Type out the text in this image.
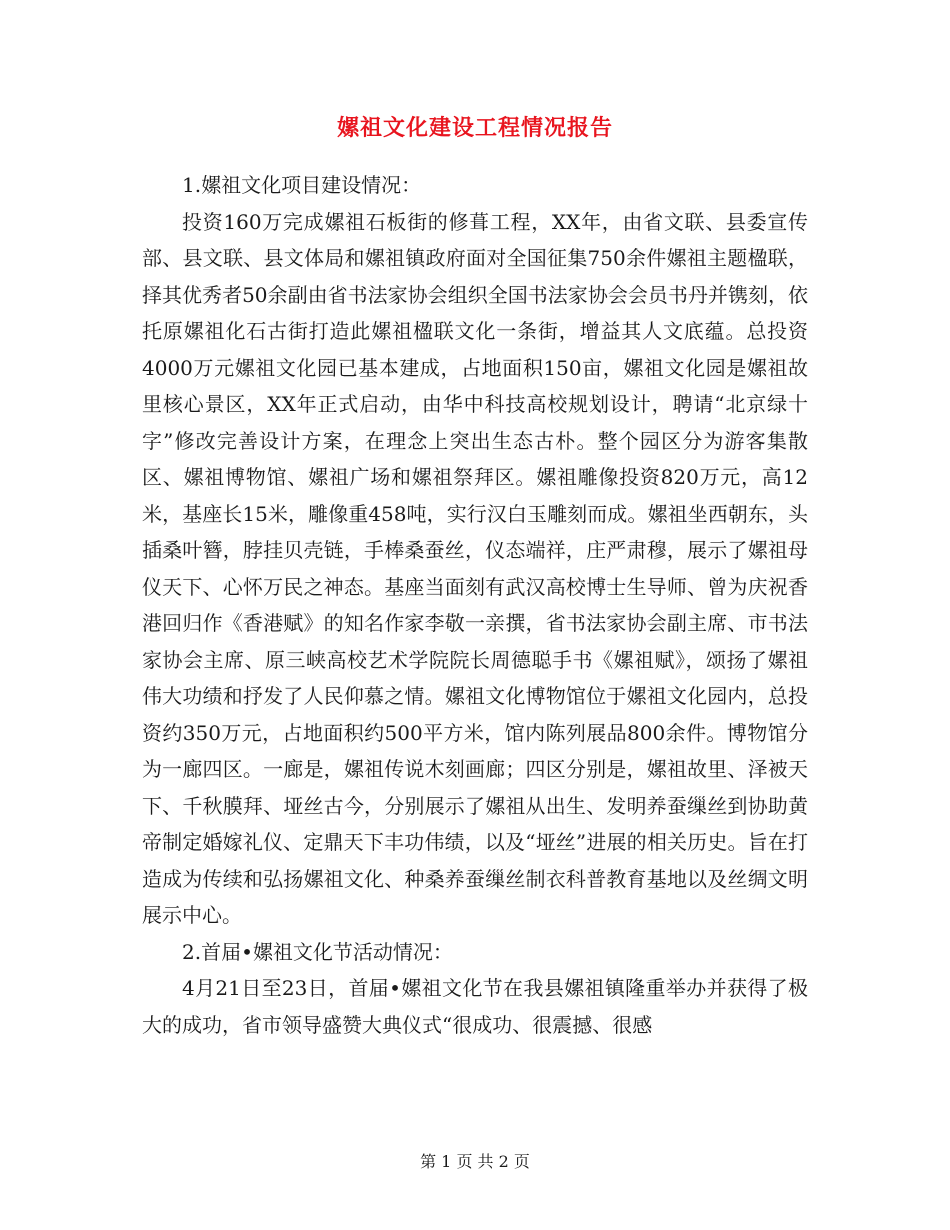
嫘祖文化建设工程情况报告

1.嫘祖文化项目建设情况：

投资160万完成嫘祖石板街的修葺工程，XX年，由省文联、县委宣传部、县文联、县文体局和嫘祖镇政府面对全国征集750余件嫘祖主题楹联，择其优秀者50余副由省书法家协会组织全国书法家协会会员书丹并镌刻，依托原嫘祖化石古街打造此嫘祖楹联文化一条街，增益其人文底蕴。总投资4000万元嫘祖文化园已基本建成，占地面积150亩，嫘祖文化园是嫘祖故里核心景区，XX年正式启动，由华中科技高校规划设计，聘请“北京绿十字”修改完善设计方案，在理念上突出生态古朴。整个园区分为游客集散区、嫘祖博物馆、嫘祖广场和嫘祖祭拜区。嫘祖雕像投资820万元，高12米，基座长15米，雕像重458吨，实行汉白玉雕刻而成。嫘祖坐西朝东，头插桑叶簪，脖挂贝壳链，手棒桑蚕丝，仪态端祥，庄严肃穆，展示了嫘祖母仪天下、心怀万民之神态。基座当面刻有武汉高校博士生导师、曾为庆祝香港回归作《香港赋》的知名作家李敬一亲撰，省书法家协会副主席、市书法家协会主席、原三峡高校艺术学院院长周德聪手书《嫘祖赋》，颂扬了嫘祖伟大功绩和抒发了人民仰慕之情。嫘祖文化博物馆位于嫘祖文化园内，总投资约350万元，占地面积约500平方米，馆内陈列展品800余件。博物馆分为一廊四区。一廊是，嫘祖传说木刻画廊；四区分别是，嫘祖故里、泽被天下、千秋膜拜、垭丝古今，分别展示了嫘祖从出生、发明养蚕缫丝到协助黄帝制定婚嫁礼仪、定鼎天下丰功伟绩，以及“垭丝”进展的相关历史。旨在打造成为传续和弘扬嫘祖文化、种桑养蚕缫丝制衣科普教育基地以及丝绸文明展示中心。

2.首届•嫘祖文化节活动情况：

4月21日至23日，首届•嫘祖文化节在我县嫘祖镇隆重举办并获得了极大的成功，省市领导盛赞大典仪式“很成功、很震撼、很感

第 1 页 共 2 页
